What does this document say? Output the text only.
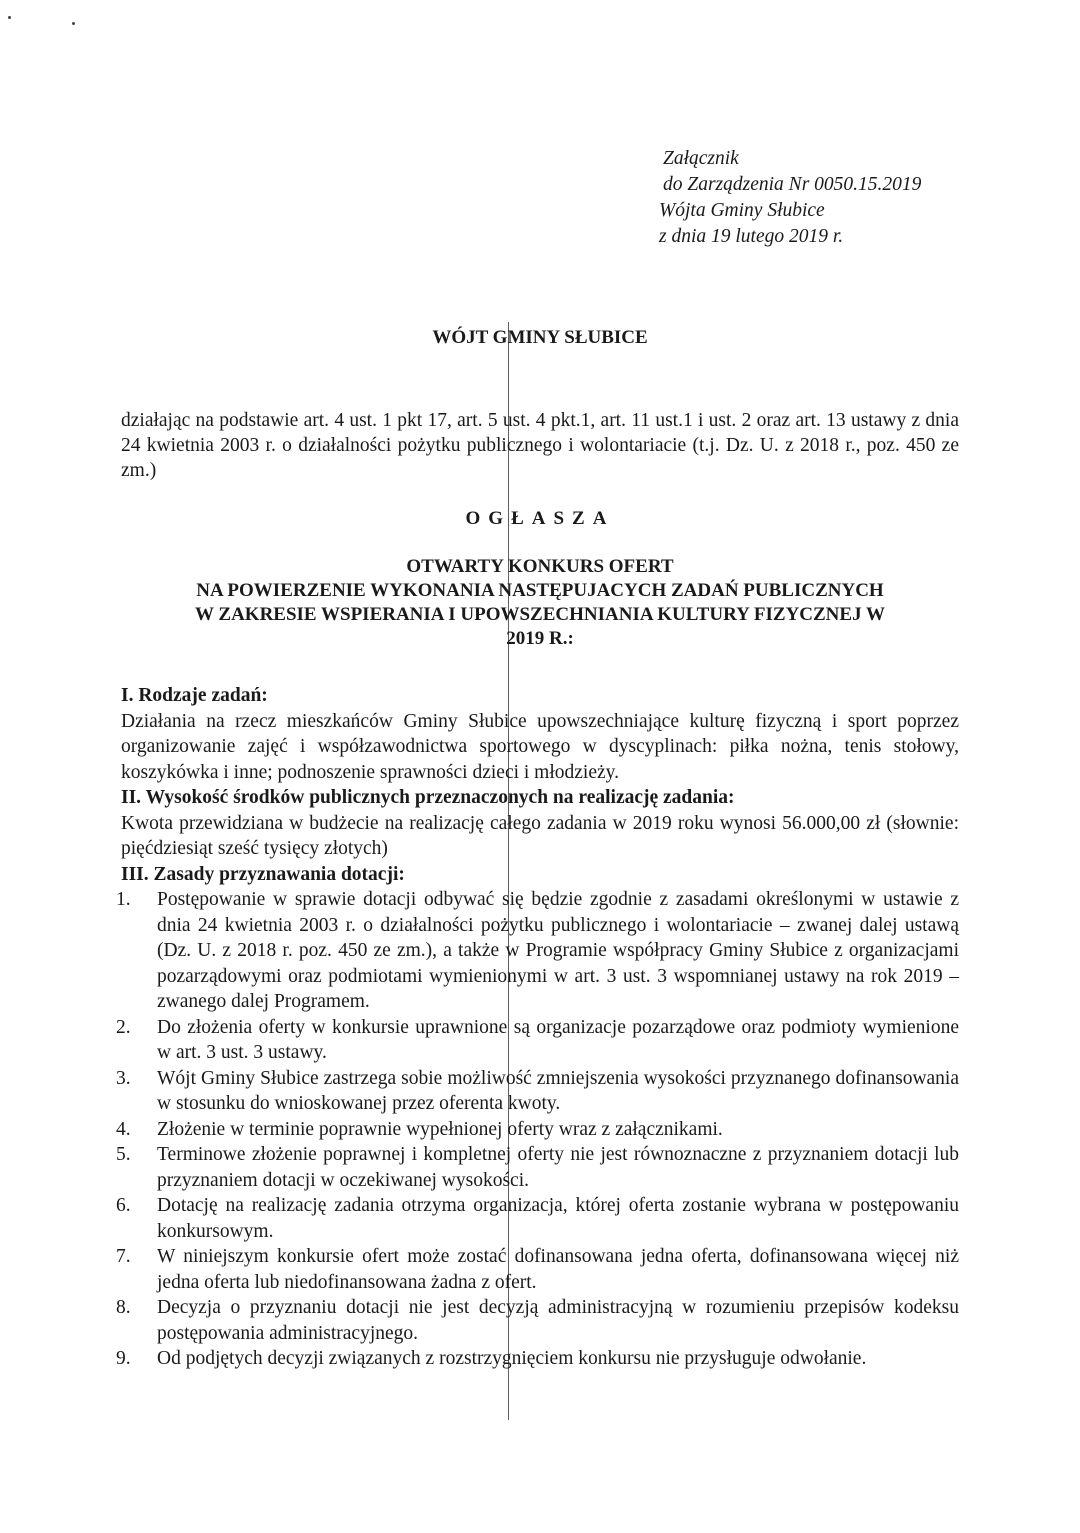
Załącznik
do Zarządzenia Nr 0050.15.2019
Wójta Gminy Słubice
z dnia 19 lutego 2019 r.
WÓJT GMINY SŁUBICE

działając na podstawie art. 4 ust. 1 pkt 17, art. 5 ust. 4 pkt.1, art. 11 ust.1 i ust. 2 oraz art. 13 ustawy z dnia 24 kwietnia 2003 r. o działalności pożytku publicznego i wolontariacie (t.j. Dz. U. z 2018 r., poz. 450 ze zm.)

OGŁASZA
OTWARTY KONKURS OFERT
NA POWIERZENIE WYKONANIA NASTĘPUJACYCH ZADAŃ PUBLICZNYCH
W ZAKRESIE WSPIERANIA I UPOWSZECHNIANIA KULTURY FIZYCZNEJ W
2019 R.:

I. Rodzaje zadań:

Działania na rzecz mieszkańców Gminy Słubice upowszechniające kulturę fizyczną i sport poprzez organizowanie zajęć i współzawodnictwa sportowego w dyscyplinach: piłka nożna, tenis stołowy, koszykówka i inne; podnoszenie sprawności dzieci i młodzieży.

II. Wysokość środków publicznych przeznaczonych na realizację zadania:

Kwota przewidziana w budżecie na realizację całego zadania w 2019 roku wynosi 56.000,00 zł (słownie: pięćdziesiąt sześć tysięcy złotych)

III. Zasady przyznawania dotacji:

1. Postępowanie w sprawie dotacji odbywać się będzie zgodnie z zasadami określonymi w ustawie z dnia 24 kwietnia 2003 r. o działalności pożytku publicznego i wolontariacie – zwanej dalej ustawą (Dz. U. z 2018 r. poz. 450 ze zm.), a także w Programie współpracy Gminy Słubice z organizacjami pozarządowymi oraz podmiotami wymienionymi w art. 3 ust. 3 wspomnianej ustawy na rok 2019 – zwanego dalej Programem.
2. Do złożenia oferty w konkursie uprawnione są organizacje pozarządowe oraz podmioty wymienione w art. 3 ust. 3 ustawy.
3. Wójt Gminy Słubice zastrzega sobie możliwość zmniejszenia wysokości przyznanego dofinansowania w stosunku do wnioskowanej przez oferenta kwoty.
4. Złożenie w terminie poprawnie wypełnionej oferty wraz z załącznikami.
5. Terminowe złożenie poprawnej i kompletnej oferty nie jest równoznaczne z przyznaniem dotacji lub przyznaniem dotacji w oczekiwanej wysokości.
6. Dotację na realizację zadania otrzyma organizacja, której oferta zostanie wybrana w postępowaniu konkursowym.
7. W niniejszym konkursie ofert może zostać dofinansowana jedna oferta, dofinansowana więcej niż jedna oferta lub niedofinansowana żadna z ofert.
8. Decyzja o przyznaniu dotacji nie jest decyzją administracyjną w rozumieniu przepisów kodeksu postępowania administracyjnego.
9. Od podjętych decyzji związanych z rozstrzygnięciem konkursu nie przysługuje odwołanie.
